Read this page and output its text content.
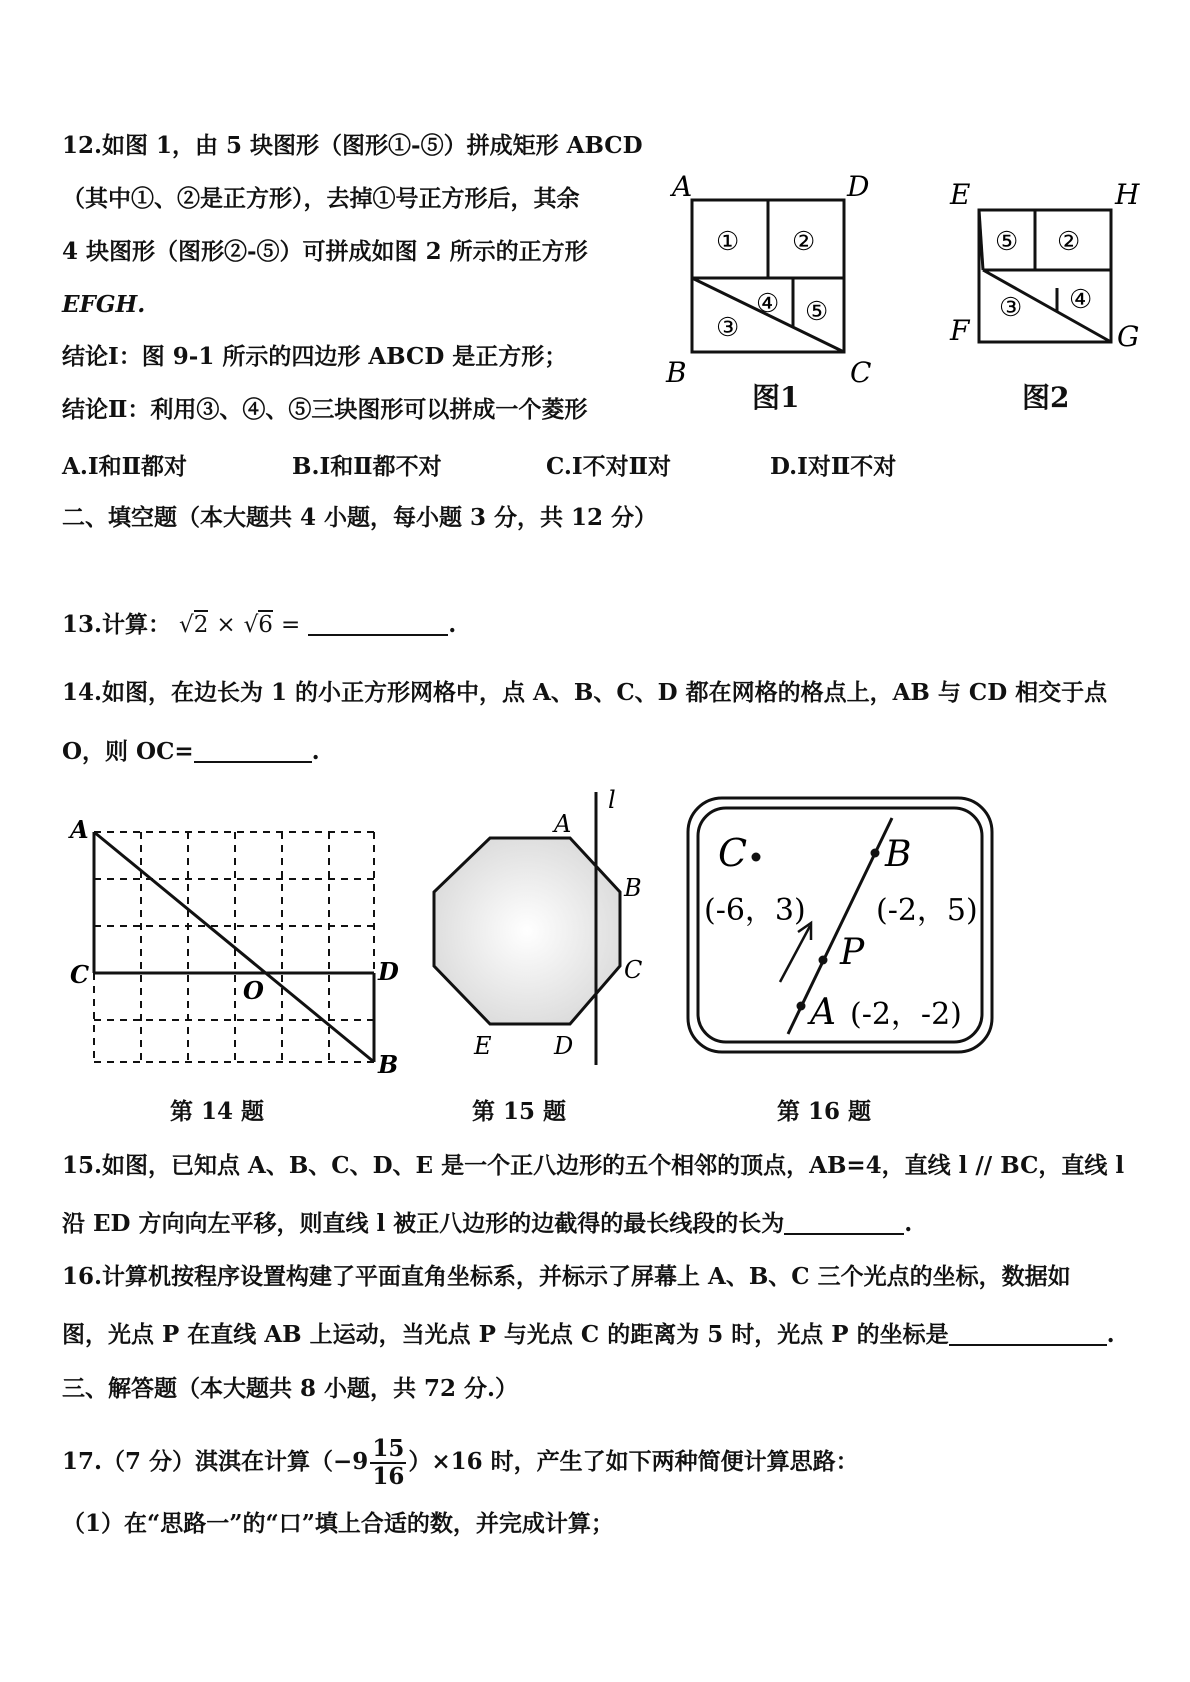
12.如图 1，由 5 块图形（图形①-⑤）拼成矩形 ABCD
（其中①、②是正方形），去掉①号正方形后，其余
4 块图形（图形②-⑤）可拼成如图 2 所示的正方形
EFGH.
结论Ⅰ：图 9-1 所示的四边形 ABCD 是正方形；
结论Ⅱ：利用③、④、⑤三块图形可以拼成一个菱形
A.Ⅰ和Ⅱ都对	B.Ⅰ和Ⅱ都不对	C.Ⅰ不对Ⅱ对	D.Ⅰ对Ⅱ不对
A	D
B	C
① ②
③
④ ⑤
图1
E	H
F	G
⑤ ②
③ ④
图2
二、填空题（本大题共 4 小题，每小题 3 分，共 12 分）
13.计算： √2 × √6 =	.
14.如图，在边长为 1 的小正方形网格中，点 A、B、C、D 都在网格的格点上，AB 与 CD 相交于点
O，则 OC=	.
A
C	D
B
O
第 14 题
l
A
B
C
D
E
第 15 题
C
(-6，3)
B
(-2，5)
P
A (-2，-2)
第 16 题
15.如图，已知点 A、B、C、D、E 是一个正八边形的五个相邻的顶点，AB=4，直线 l // BC，直线 l
沿 ED 方向向左平移，则直线 l 被正八边形的边截得的最长线段的长为	.
16.计算机按程序设置构建了平面直角坐标系，并标示了屏幕上 A、B、C 三个光点的坐标，数据如
图，光点 P 在直线 AB 上运动，当光点 P 与光点 C 的距离为 5 时，光点 P 的坐标是	.
三、解答题（本大题共 8 小题，共 72 分.）
17.（7 分）淇淇在计算$(-9 \frac{15}{16} )\times 16$ 时，产生了如下两种简便计算思路：
（1）在“思路一”的“口”填上合适的数，并完成计算；
